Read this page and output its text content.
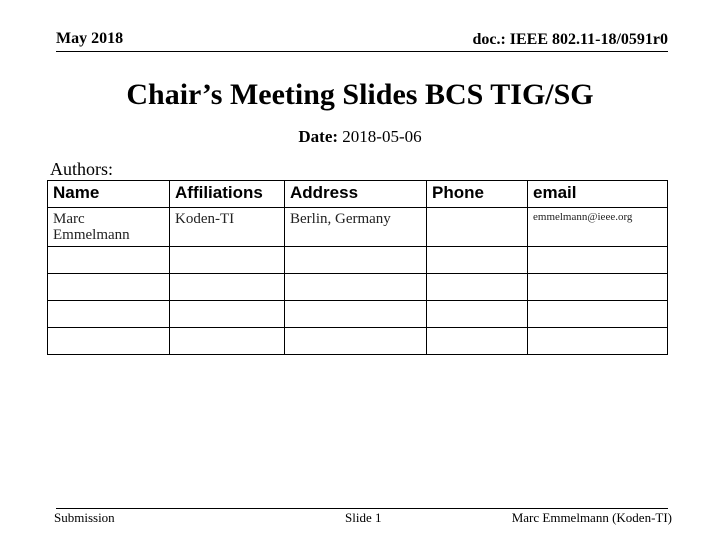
May 2018	doc.: IEEE 802.11-18/0591r0
Chair’s Meeting Slides BCS TIG/SG
Date: 2018-05-06
Authors:
Name	Affiliations	Address	Phone	email
Marc Emmelmann	Koden-TI	Berlin, Germany		emmelmann@ieee.org

Submission	Slide 1	Marc Emmelmann (Koden-TI)
